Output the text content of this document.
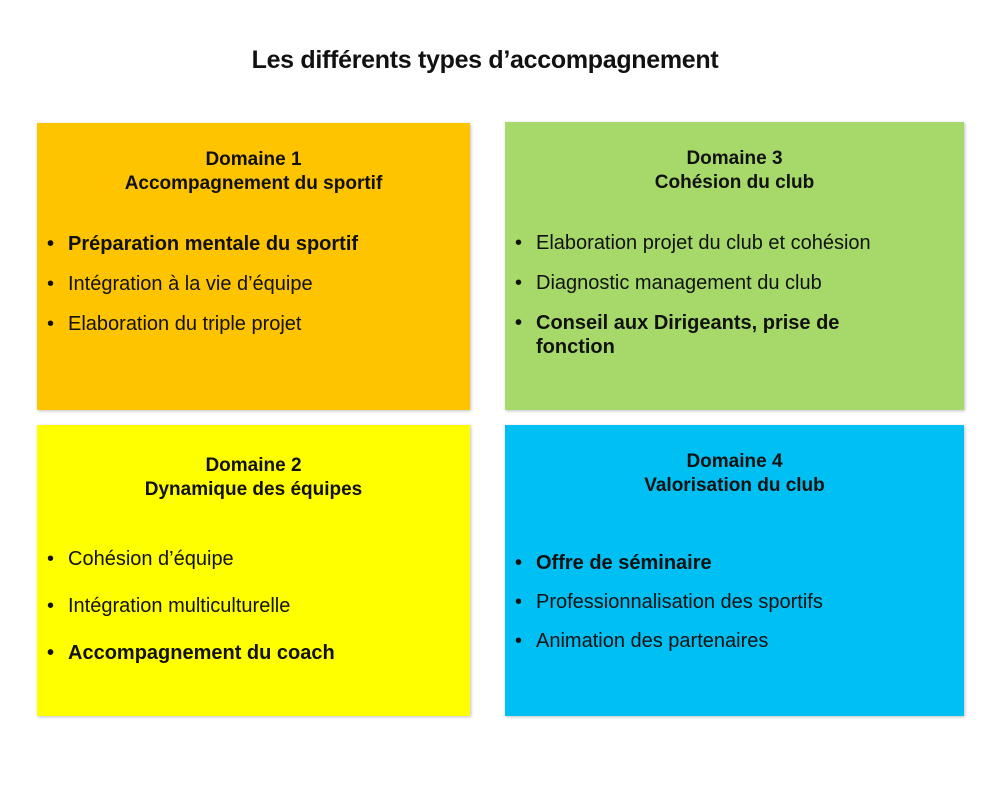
Les différents types d’accompagnement
Domaine 1
Accompagnement du sportif
• Préparation mentale du sportif
• Intégration à la vie d’équipe
• Elaboration du triple projet
Domaine 3
Cohésion du club
• Elaboration projet du club et cohésion
• Diagnostic management du club
• Conseil aux Dirigeants, prise de fonction
Domaine 2
Dynamique des équipes
• Cohésion d’équipe
• Intégration multiculturelle
• Accompagnement du coach
Domaine 4
Valorisation du club
• Offre de séminaire
• Professionnalisation des sportifs
• Animation des partenaires
